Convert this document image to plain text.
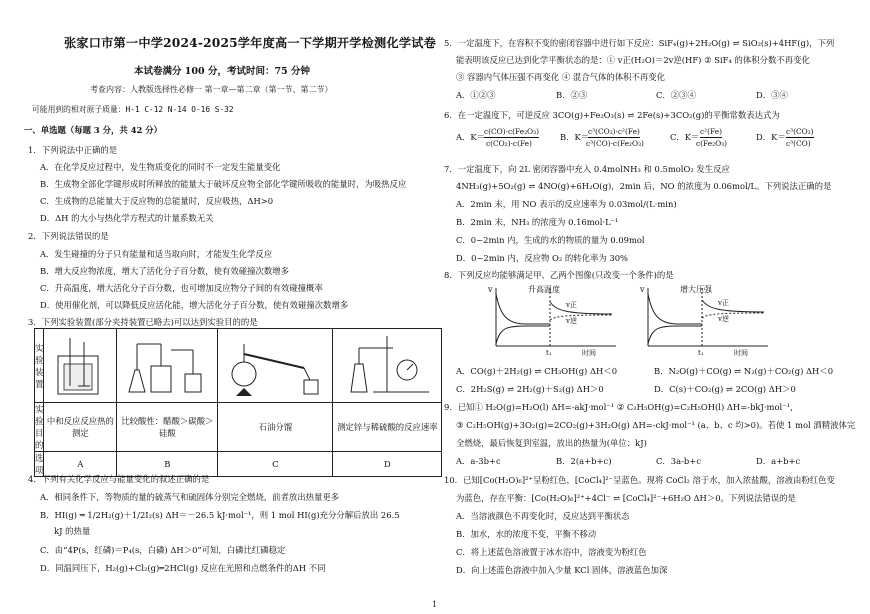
张家口市第一中学2024-2025学年度高一下学期开学检测化学试卷
本试卷满分 100 分，考试时间：75 分钟
考查内容：人教版选择性必修一 第一章—第二章（第一节、第二节）
可能用到的相对原子质量：H-1 C-12 N-14 O-16 S-32
一、单选题（每题 3 分，共 42 分）
1．下列说法中正确的是
A．在化学反应过程中，发生物质变化的同时不一定发生能量变化
B．生成物全部化学键形成时所释放的能量大于破坏反应物全部化学键所吸收的能量时，为吸热反应
C．生成物的总能量大于反应物的总能量时，反应吸热，ΔH>0
D．ΔH 的大小与热化学方程式的计量系数无关
2．下列说法错误的是
A．发生碰撞的分子只有能量和适当取向时，才能发生化学反应
B．增大反应物浓度，增大了活化分子百分数，使有效碰撞次数增多
C．升高温度，增大活化分子百分数，也可增加反应物分子间的有效碰撞概率
D．使用催化剂，可以降低反应活化能，增大活化分子百分数，使有效碰撞次数增多
3．下列实验装置(部分夹持装置已略去)可以达到实验目的的是
实验装置				
实验目的	中和反应反应热的测定	比较酸性：醋酸＞碳酸＞硅酸	石油分馏	测定锌与稀硫酸的反应速率
选项	A	B	C	D
4．下列有关化学反应与能量变化的叙述正确的是
A．相同条件下，等物质的量的硫蒸气和硫固体分别完全燃烧，前者放出热量更多
B．HI(g) ═ 1/2H₂(g)＋1/2I₂(s) ΔH＝－26.5 kJ·mol⁻¹，则 1 mol HI(g)充分分解后放出 26.5
kJ 的热量
C．由“4P(s，红磷)＝P₄(s，白磷) ΔH＞0”可知，白磷比红磷稳定
D．同温同压下，H₂(g)+Cl₂(g)═2HCl(g) 反应在光照和点燃条件的ΔH 不同
5．一定温度下，在容积不变的密闭容器中进行如下反应：SiF₄(g)+2H₂O(g) ⇌ SiO₂(s)+4HF(g)，下列
能表明该反应已达到化学平衡状态的是：① v正(H₂O)＝2v逆(HF) ② SiF₄ 的体积分数不再变化
③ 容器内气体压强不再变化 ④ 混合气体的体积不再变化
A．①②③	B．②③	C．②③④	D．③④
6．在一定温度下，可逆反应 3CO(g)+Fe₂O₃(s) ⇌ 2Fe(s)+3CO₂(g)的平衡常数表达式为
A．K＝
c(CO)·c(Fe₂O₃)
c(CO₂)·c(Fe)
B．K＝
c³(CO₂)·c²(Fe)
c³(CO)·c(Fe₂O₃)
C．K＝
c²(Fe)
c(Fe₂O₃)
D．K＝
c³(CO₂)
c³(CO)
7．一定温度下，向 2L 密闭容器中充入 0.4molNH₃ 和 0.5molO₂ 发生反应
4NH₃(g)+5O₂(g) ⇌ 4NO(g)+6H₂O(g)，2min 后，NO 的浓度为 0.06mol/L。下列说法正确的是
A．2min 末，用 NO 表示的反应速率为 0.03mol/(L·min)
B．2min 末，NH₃ 的浓度为 0.16mol·L⁻¹
C．0~2min 内，生成的水的物质的量为 0.09mol
D．0~2min 内，反应物 O₂ 的转化率为 30%
8．下列反应均能够满足甲、乙两个图像(只改变一个条件)的是
v	升高温度
v正
v逆
t₁	时间
v	增大压强
v正
v逆
t₁	时间
A．CO(g)＋2H₂(g) ⇌ CH₃OH(g) ΔH＜0	B．N₂O(g)＋CO(g) ⇌ N₂(g)＋CO₂(g) ΔH＜0
C．2H₂S(g) ⇌ 2H₂(g)＋S₂(g) ΔH＞0	D．C(s)＋CO₂(g) ⇌ 2CO(g) ΔH＞0
9．已知① H₂O(g)=H₂O(l) ΔH=-akJ·mol⁻¹ ② C₂H₅OH(g)=C₂H₅OH(l) ΔH=-bkJ·mol⁻¹，
③ C₂H₅OH(g)+3O₂(g)=2CO₂(g)+3H₂O(g) ΔH=-ckJ·mol⁻¹ (a、b、c 均>0)。若使 1 mol 酒精液体完
全燃烧，最后恢复到室温，放出的热量为(单位：kJ)
A．a-3b+c	B．2(a+b+c)	C．3a-b+c	D．a+b+c
10．已知[Co(H₂O)₆]²⁺呈粉红色，[CoCl₄]²⁻呈蓝色。现将 CoCl₂ 溶于水，加入浓盐酸，溶液由粉红色变
为蓝色，存在平衡：[Co(H₂O)₆]²⁺+4Cl⁻ ⇌ [CoCl₄]²⁻+6H₂O ΔH＞0。下列说法错误的是
A．当溶液颜色不再变化时，反应达到平衡状态
B．加水，水的浓度不变，平衡不移动
C．将上述蓝色溶液置于冰水浴中，溶液变为粉红色
D．向上述蓝色溶液中加入少量 KCl 固体，溶液蓝色加深
1
